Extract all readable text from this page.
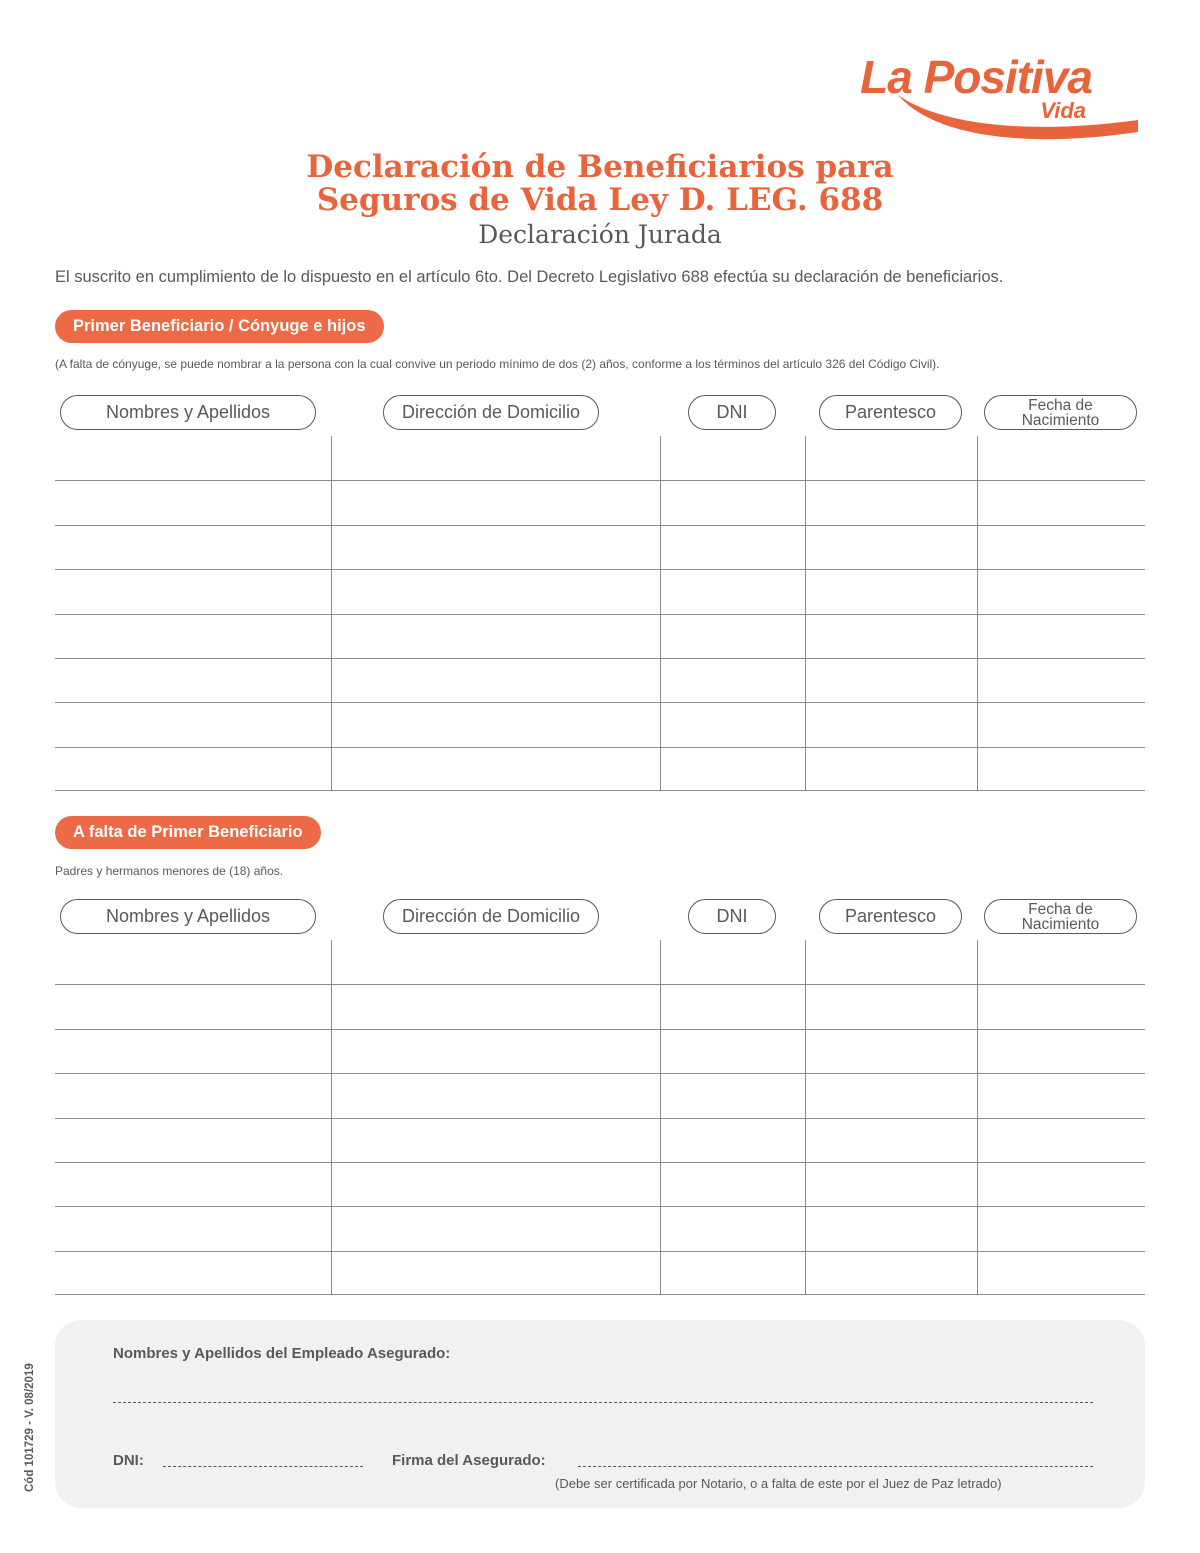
La Positiva
Vida
Declaración de Beneficiarios para
Seguros de Vida Ley D. LEG. 688
Declaración Jurada
El suscrito en cumplimiento de lo dispuesto en el artículo 6to. Del Decreto Legislativo 688 efectúa su declaración de beneficiarios.
Primer Beneficiario / Cónyuge e hijos
(A falta de cónyuge, se puede nombrar a la persona con la cual convive un periodo mínimo de dos (2) años, conforme a los términos del artículo 326 del Código Civil).
Nombres y Apellidos	Dirección de Domicilio	DNI	Parentesco	Fecha de
Nacimiento
A falta de Primer Beneficiario
Padres y hermanos menores de (18) años.
Nombres y Apellidos	Dirección de Domicilio	DNI	Parentesco	Fecha de
Nacimiento
Nombres y Apellidos del Empleado Asegurado:
DNI:	Firma del Asegurado:
(Debe ser certificada por Notario, o a falta de este por el Juez de Paz letrado)
Cód 101729 - V. 08/2019
